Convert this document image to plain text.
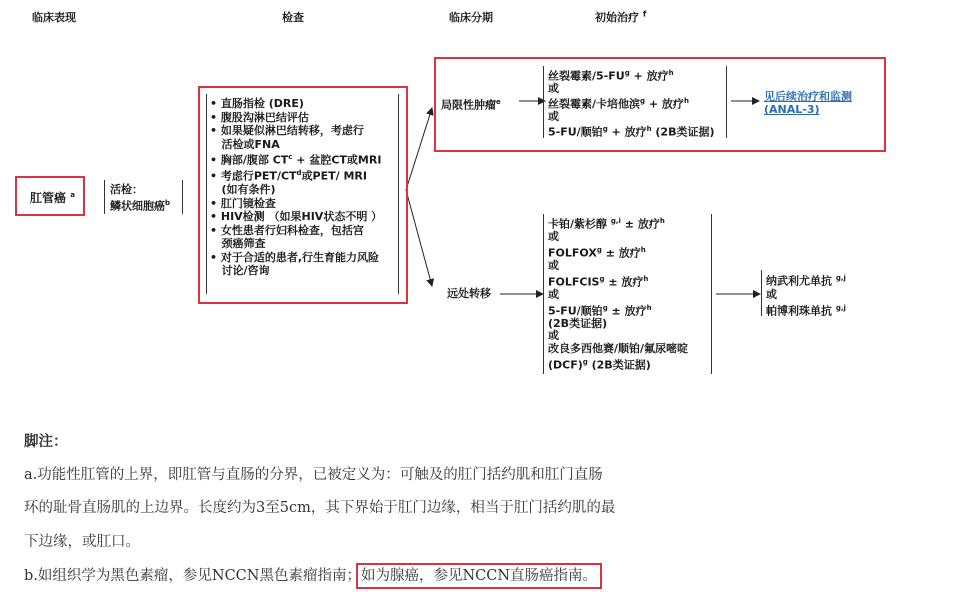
临床表现	检查	临床分期	初始治疗 $^f$
肛管癌 $^a$	活检：
鳞状细胞癌$^b$
• 直肠指检 (DRE)
• 腹股沟淋巴结评估
• 如果疑似淋巴结转移，考虑行
活检或FNA
• 胸部/腹部 $CT^c$ + 盆腔CT或MRI
• 考虑行PET/$CT^d$或PET/ MRI
(如有条件)
• 肛门镜检查
• HIV检测 （如果HIV状态不明 ）
• 女性患者行妇科检查，包括宫
颈癌筛查
• 对于合适的患者,行生育能力风险
讨论/咨询
局限性肿瘤$^e$
丝裂霉素$/5-FU^g$ + 放疗$^h$
或
丝裂霉素/卡培他滨$^g$ + 放疗$^h$
或
5-FU/顺铂$^g$ + 放疗$^h$ (2B类证据)
见后续治疗和监测
(ANAL-3)
远处转移
卡铂/紫杉醇 $^{g,i}$ ± 放疗$^h$
或
$FOLFOX^g$ ± 放疗$^h$
或
$FOLFCIS^g$ ± 放疗$^h$
或
5-FU/顺铂$^g$ ± 放疗$^h$
(2B类证据)
或
改良多西他赛/顺铂/氟尿嘧啶
(DCF)$^g$ (2B类证据)
纳武利尤单抗 $^{g,j}$
或
帕博利珠单抗 $^{g,j}$
脚注：
a.功能性肛管的上界，即肛管与直肠的分界，已被定义为：可触及的肛门括约肌和肛门直肠
环的耻骨直肠肌的上边界。长度约为3至5cm，其下界始于肛门边缘，相当于肛门括约肌的最
下边缘，或肛口。
b.如组织学为黑色素瘤，参见NCCN黑色素瘤指南；如为腺癌，参见NCCN直肠癌指南。
